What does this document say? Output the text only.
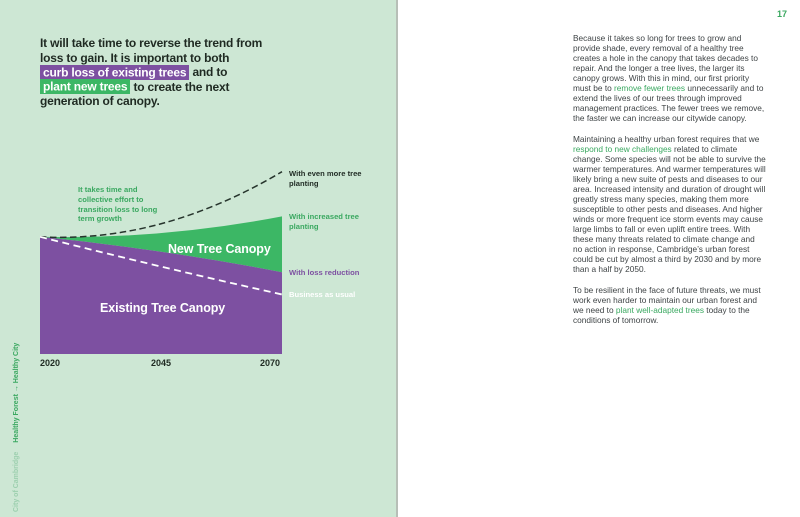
It will take time to reverse the trend from loss to gain. It is important to both curb loss of existing trees and to plant new trees to create the next generation of canopy.
It takes time and collective effort to transition loss to long term growth
New Tree Canopy
Existing Tree Canopy
With even more tree planting
With increased tree planting
With loss reduction
Business as usual
2020	2045	2070
City of CambridgeHealthy Forest → Healthy City
17

Because it takes so long for trees to grow and provide shade, every removal of a healthy tree creates a hole in the canopy that takes decades to repair. And the longer a tree lives, the larger its canopy grows. With this in mind, our first priority must be to remove fewer trees unnecessarily and to extend the lives of our trees through improved management practices. The fewer trees we remove, the faster we can increase our citywide canopy.

Maintaining a healthy urban forest requires that we respond to new challenges related to climate change. Some species will not be able to survive the warmer temperatures. And warmer temperatures will likely bring a new suite of pests and diseases to our area. Increased intensity and duration of drought will greatly stress many species, making them more susceptible to other pests and diseases. And higher winds or more frequent ice storm events may cause large limbs to fall or even uplift entire trees. With these many threats related to climate change and no action in response, Cambridge’s urban forest could be cut by almost a third by 2030 and by more than a half by 2050.

To be resilient in the face of future threats, we must work even harder to maintain our urban forest and we need to plant well-adapted trees today to the conditions of tomorrow.
